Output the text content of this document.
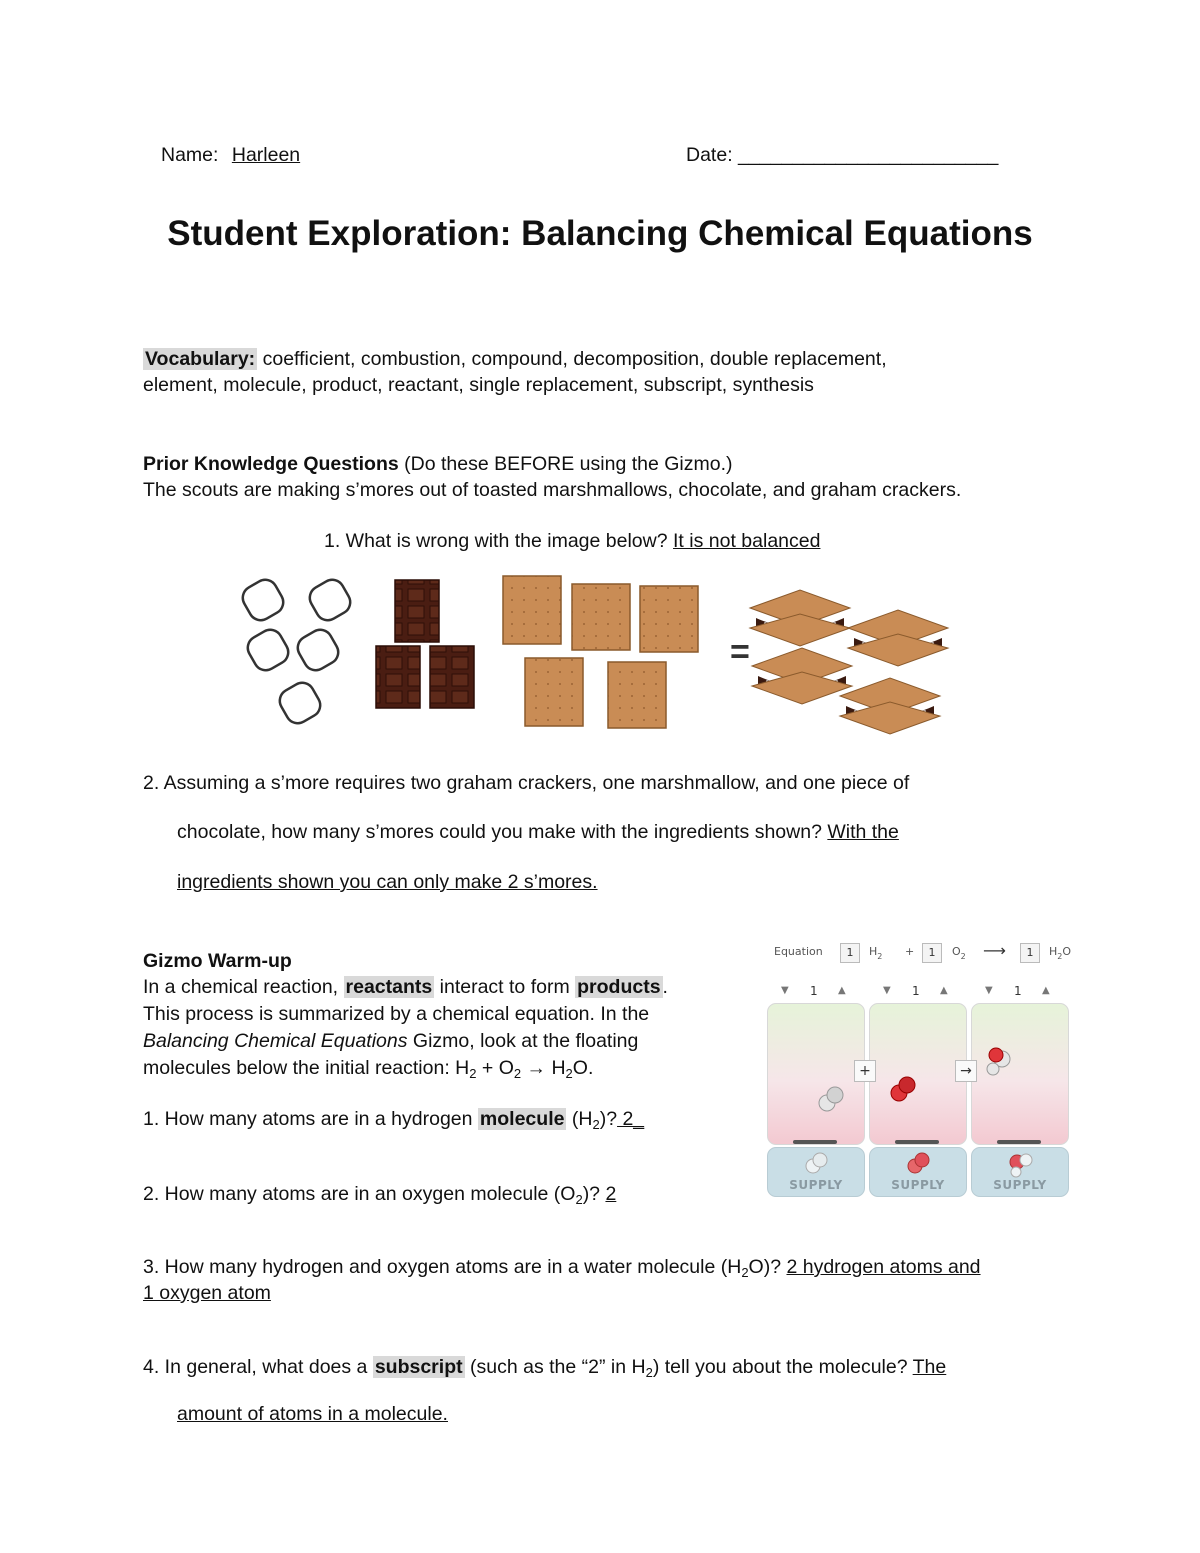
Name: Harleen	Date: ________________________
Student Exploration: Balancing Chemical Equations
Vocabulary: coefficient, combustion, compound, decomposition, double replacement,
element, molecule, product, reactant, single replacement, subscript, synthesis
Prior Knowledge Questions (Do these BEFORE using the Gizmo.)
The scouts are making s’mores out of toasted marshmallows, chocolate, and graham crackers.
1. What is wrong with the image below? It is not balanced
=
2. Assuming a s’more requires two graham crackers, one marshmallow, and one piece of
chocolate, how many s’mores could you make with the ingredients shown? With the
ingredients shown you can only make 2 s’mores.
Gizmo Warm-up
In a chemical reaction, reactants interact to form products .
This process is summarized by a chemical equation. In the
Balancing Chemical Equations Gizmo, look at the floating
molecules below the initial reaction: $H_2 + O_2 \to H_2O$.
1. How many atoms are in a hydrogen molecule $(H_2)$? 2_
2. How many atoms are in an oxygen molecule $(O_2)$? 2
3. How many hydrogen and oxygen atoms are in a water molecule $(H_2O)$? 2 hydrogen atoms and
1 oxygen atom
4. In general, what does a subscript (such as the “2” in $H_2$) tell you about the molecule? The
amount of atoms in a molecule.
Equation	1	$H_2$ +	1	$O_2$ ⟶	1	$H_2O$
▼ 1 ▲	▼ 1 ▲	▼ 1 ▲
+	→
SUPPLY	SUPPLY	SUPPLY
